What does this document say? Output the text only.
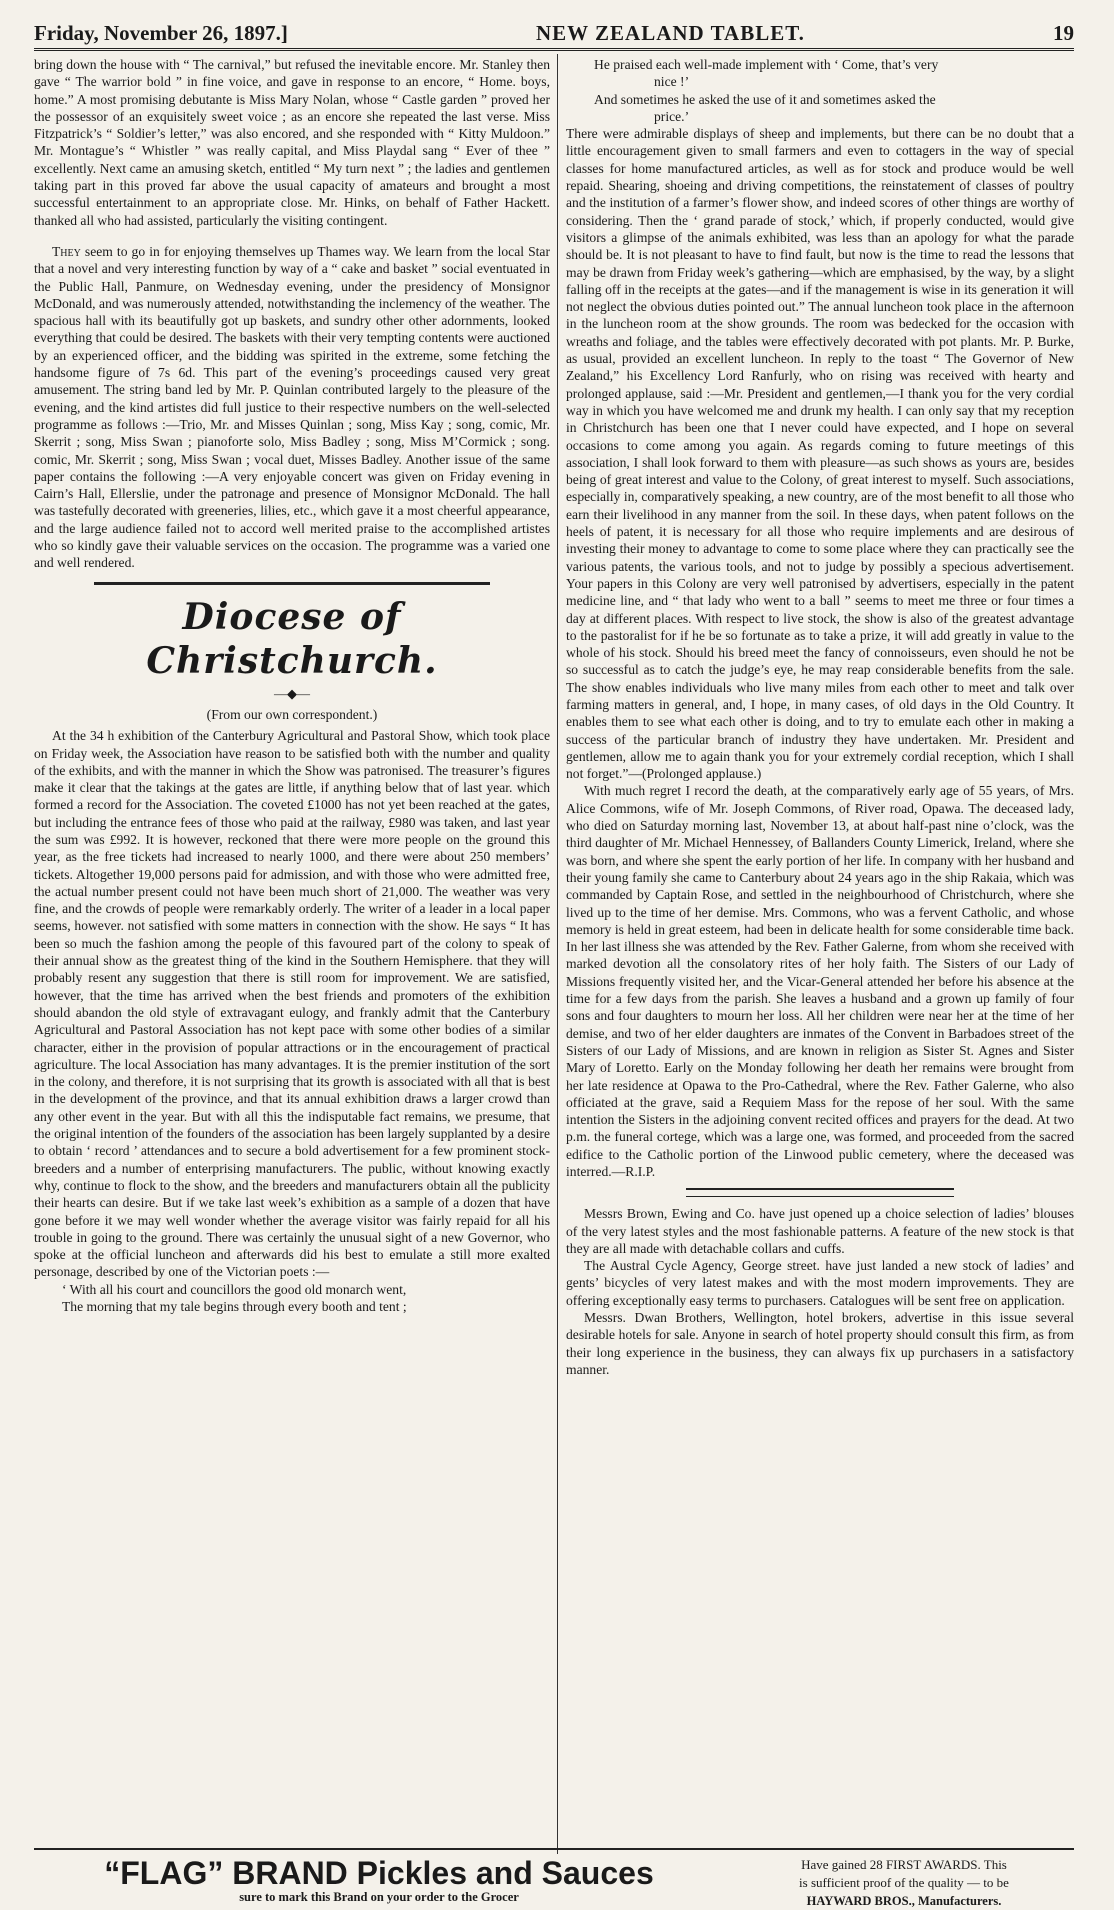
Friday, November 26, 1897.]	NEW ZEALAND TABLET.	19

bring down the house with “ The carnival,” but refused the inevitable encore. Mr. Stanley then gave “ The warrior bold ” in fine voice, and gave in response to an encore, “ Home. boys, home.” A most promising debutante is Miss Mary Nolan, whose “ Castle garden ” proved her the possessor of an exquisitely sweet voice ; as an encore she repeated the last verse. Miss Fitzpatrick’s “ Soldier’s letter,” was also encored, and she responded with “ Kitty Muldoon.” Mr. Montague’s “ Whistler ” was really capital, and Miss Playdal sang “ Ever of thee ” excellently. Next came an amusing sketch, entitled “ My turn next ” ; the ladies and gentlemen taking part in this proved far above the usual capacity of amateurs and brought a most successful entertainment to an appropriate close. Mr. Hinks, on behalf of Father Hackett. thanked all who had assisted, particularly the visiting contingent.

They seem to go in for enjoying themselves up Thames way. We learn from the local Star that a novel and very interesting function by way of a “ cake and basket ” social eventuated in the Public Hall, Panmure, on Wednesday evening, under the presidency of Monsignor McDonald, and was numerously attended, notwithstanding the inclemency of the weather. The spacious hall with its beautifully got up baskets, and sundry other other adornments, looked everything that could be desired. The baskets with their very tempting contents were auctioned by an experienced officer, and the bidding was spirited in the extreme, some fetching the handsome figure of 7s 6d. This part of the evening’s proceedings caused very great amusement. The string band led by Mr. P. Quinlan contributed largely to the pleasure of the evening, and the kind artistes did full justice to their respective numbers on the well-selected programme as follows :—Trio, Mr. and Misses Quinlan ; song, Miss Kay ; song, comic, Mr. Skerrit ; song, Miss Swan ; pianoforte solo, Miss Badley ; song, Miss M’Cormick ; song. comic, Mr. Skerrit ; song, Miss Swan ; vocal duet, Misses Badley. Another issue of the same paper contains the following :—A very enjoyable concert was given on Friday evening in Cairn’s Hall, Ellerslie, under the patronage and presence of Monsignor McDonald. The hall was tastefully decorated with greeneries, lilies, etc., which gave it a most cheerful appearance, and the large audience failed not to accord well merited praise to the accomplished artistes who so kindly gave their valuable services on the occasion. The programme was a varied one and well rendered.

Diocese of Christchurch.
—◆—
(From our own correspondent.)

At the 34 h exhibition of the Canterbury Agricultural and Pastoral Show, which took place on Friday week, the Association have reason to be satisfied both with the number and quality of the exhibits, and with the manner in which the Show was patronised. The treasurer’s figures make it clear that the takings at the gates are little, if anything below that of last year. which formed a record for the Association. The coveted £1000 has not yet been reached at the gates, but including the entrance fees of those who paid at the railway, £980 was taken, and last year the sum was £992. It is however, reckoned that there were more people on the ground this year, as the free tickets had increased to nearly 1000, and there were about 250 members’ tickets. Altogether 19,000 persons paid for admission, and with those who were admitted free, the actual number present could not have been much short of 21,000. The weather was very fine, and the crowds of people were remarkably orderly. The writer of a leader in a local paper seems, however. not satisfied with some matters in connection with the show. He says “ It has been so much the fashion among the people of this favoured part of the colony to speak of their annual show as the greatest thing of the kind in the Southern Hemisphere. that they will probably resent any suggestion that there is still room for improvement. We are satisfied, however, that the time has arrived when the best friends and promoters of the exhibition should abandon the old style of extravagant eulogy, and frankly admit that the Canterbury Agricultural and Pastoral Association has not kept pace with some other bodies of a similar character, either in the provision of popular attractions or in the encouragement of practical agriculture. The local Association has many advantages. It is the premier institution of the sort in the colony, and therefore, it is not surprising that its growth is associated with all that is best in the development of the province, and that its annual exhibition draws a larger crowd than any other event in the year. But with all this the indisputable fact remains, we presume, that the original intention of the founders of the association has been largely supplanted by a desire to obtain ‘ record ’ attendances and to secure a bold advertisement for a few prominent stock-breeders and a number of enterprising manufacturers. The public, without knowing exactly why, continue to flock to the show, and the breeders and manufacturers obtain all the publicity their hearts can desire. But if we take last week’s exhibition as a sample of a dozen that have gone before it we may well wonder whether the average visitor was fairly repaid for all his trouble in going to the ground. There was certainly the unusual sight of a new Governor, who spoke at the official luncheon and afterwards did his best to emulate a still more exalted personage, described by one of the Victorian poets :—

‘ With all his court and councillors the good old monarch went,

The morning that my tale begins through every booth and tent ;

He praised each well-made implement with ‘ Come, that’s very

nice !’

And sometimes he asked the use of it and sometimes asked the

price.’

There were admirable displays of sheep and implements, but there can be no doubt that a little encouragement given to small farmers and even to cottagers in the way of special classes for home manufactured articles, as well as for stock and produce would be well repaid. Shearing, shoeing and driving competitions, the reinstatement of classes of poultry and the institution of a farmer’s flower show, and indeed scores of other things are worthy of considering. Then the ‘ grand parade of stock,’ which, if properly conducted, would give visitors a glimpse of the animals exhibited, was less than an apology for what the parade should be. It is not pleasant to have to find fault, but now is the time to read the lessons that may be drawn from Friday week’s gathering—which are emphasised, by the way, by a slight falling off in the receipts at the gates—and if the management is wise in its generation it will not neglect the obvious duties pointed out.” The annual luncheon took place in the afternoon in the luncheon room at the show grounds. The room was bedecked for the occasion with wreaths and foliage, and the tables were effectively decorated with pot plants. Mr. P. Burke, as usual, provided an excellent luncheon. In reply to the toast “ The Governor of New Zealand,” his Excellency Lord Ranfurly, who on rising was received with hearty and prolonged applause, said :—Mr. President and gentlemen,—I thank you for the very cordial way in which you have welcomed me and drunk my health. I can only say that my reception in Christchurch has been one that I never could have expected, and I hope on several occasions to come among you again. As regards coming to future meetings of this association, I shall look forward to them with pleasure—as such shows as yours are, besides being of great interest and value to the Colony, of great interest to myself. Such associations, especially in, comparatively speaking, a new country, are of the most benefit to all those who earn their livelihood in any manner from the soil. In these days, when patent follows on the heels of patent, it is necessary for all those who require implements and are desirous of investing their money to advantage to come to some place where they can practically see the various patents, the various tools, and not to judge by possibly a specious advertisement. Your papers in this Colony are very well patronised by advertisers, especially in the patent medicine line, and “ that lady who went to a ball ” seems to meet me three or four times a day at different places. With respect to live stock, the show is also of the greatest advantage to the pastoralist for if he be so fortunate as to take a prize, it will add greatly in value to the whole of his stock. Should his breed meet the fancy of connoisseurs, even should he not be so successful as to catch the judge’s eye, he may reap considerable benefits from the sale. The show enables individuals who live many miles from each other to meet and talk over farming matters in general, and, I hope, in many cases, of old days in the Old Country. It enables them to see what each other is doing, and to try to emulate each other in making a success of the particular branch of industry they have undertaken. Mr. President and gentlemen, allow me to again thank you for your extremely cordial reception, which I shall not forget.”—(Prolonged applause.)

With much regret I record the death, at the comparatively early age of 55 years, of Mrs. Alice Commons, wife of Mr. Joseph Commons, of River road, Opawa. The deceased lady, who died on Saturday morning last, November 13, at about half-past nine o’clock, was the third daughter of Mr. Michael Hennessey, of Ballanders County Limerick, Ireland, where she was born, and where she spent the early portion of her life. In company with her husband and their young family she came to Canterbury about 24 years ago in the ship Rakaia, which was commanded by Captain Rose, and settled in the neighbourhood of Christchurch, where she lived up to the time of her demise. Mrs. Commons, who was a fervent Catholic, and whose memory is held in great esteem, had been in delicate health for some considerable time back. In her last illness she was attended by the Rev. Father Galerne, from whom she received with marked devotion all the consolatory rites of her holy faith. The Sisters of our Lady of Missions frequently visited her, and the Vicar-General attended her before his absence at the time for a few days from the parish. She leaves a husband and a grown up family of four sons and four daughters to mourn her loss. All her children were near her at the time of her demise, and two of her elder daughters are inmates of the Convent in Barbadoes street of the Sisters of our Lady of Missions, and are known in religion as Sister St. Agnes and Sister Mary of Loretto. Early on the Monday following her death her remains were brought from her late residence at Opawa to the Pro-Cathedral, where the Rev. Father Galerne, who also officiated at the grave, said a Requiem Mass for the repose of her soul. With the same intention the Sisters in the adjoining convent recited offices and prayers for the dead. At two p.m. the funeral cortege, which was a large one, was formed, and proceeded from the sacred edifice to the Catholic portion of the Linwood public cemetery, where the deceased was interred.—R.I.P.

Messrs Brown, Ewing and Co. have just opened up a choice selection of ladies’ blouses of the very latest styles and the most fashionable patterns. A feature of the new stock is that they are all made with detachable collars and cuffs.

The Austral Cycle Agency, George street. have just landed a new stock of ladies’ and gents’ bicycles of very latest makes and with the most modern improvements. They are offering exceptionally easy terms to purchasers. Catalogues will be sent free on application.

Messrs. Dwan Brothers, Wellington, hotel brokers, advertise in this issue several desirable hotels for sale. Anyone in search of hotel property should consult this firm, as from their long experience in the business, they can always fix up purchasers in a satisfactory manner.

“FLAG” BRAND Pickles and Sauces
sure to mark this Brand on your order to the Grocer
Have gained 28 FIRST AWARDS. This
is sufficient proof of the quality — to be
HAYWARD BROS., Manufacturers.
